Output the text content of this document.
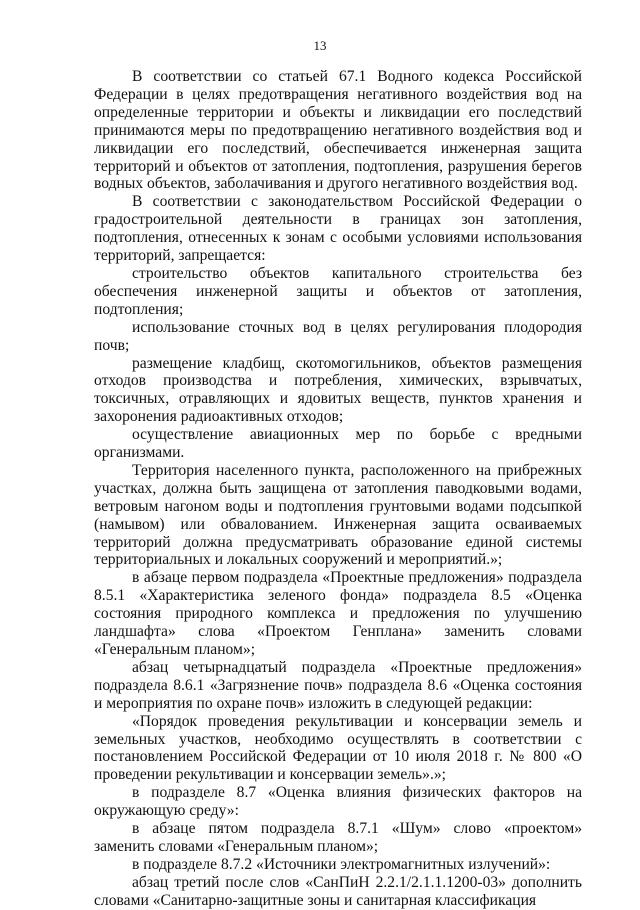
13

В соответствии со статьей 67.1 Водного кодекса Российской Федерации в целях предотвращения негативного воздействия вод на определенные территории и объекты и ликвидации его последствий принимаются меры по предотвращению негативного воздействия вод и ликвидации его последствий, обеспечивается инженерная защита территорий и объектов от затопления, подтопления, разрушения берегов водных объектов, заболачивания и другого негативного воздействия вод.

В соответствии с законодательством Российской Федерации о градостроительной деятельности в границах зон затопления, подтопления, отнесенных к зонам с особыми условиями использования территорий, запрещается:

строительство объектов капитального строительства без обеспечения инженерной защиты и объектов от затопления, подтопления;

использование сточных вод в целях регулирования плодородия почв;

размещение кладбищ, скотомогильников, объектов размещения отходов производства и потребления, химических, взрывчатых, токсичных, отравляющих и ядовитых веществ, пунктов хранения и захоронения радиоактивных отходов;

осуществление авиационных мер по борьбе с вредными организмами.

Территория населенного пункта, расположенного на прибрежных участках, должна быть защищена от затопления паводковыми водами, ветровым нагоном воды и подтопления грунтовыми водами подсыпкой (намывом) или обвалованием. Инженерная защита осваиваемых территорий должна предусматривать образование единой системы территориальных и локальных сооружений и мероприятий.»;

в абзаце первом подраздела «Проектные предложения» подраздела 8.5.1 «Характеристика зеленого фонда» подраздела 8.5 «Оценка состояния природного комплекса и предложения по улучшению ландшафта» слова «Проектом Генплана» заменить словами «Генеральным планом»;

абзац четырнадцатый подраздела «Проектные предложения» подраздела 8.6.1 «Загрязнение почв» подраздела 8.6 «Оценка состояния и мероприятия по охране почв» изложить в следующей редакции:

«Порядок проведения рекультивации и консервации земель и земельных участков, необходимо осуществлять в соответствии с постановлением Российской Федерации от 10 июля 2018 г. № 800 «О проведении рекультивации и консервации земель».»;

в подразделе 8.7 «Оценка влияния физических факторов на окружающую среду»:

в абзаце пятом подраздела 8.7.1 «Шум» слово «проектом» заменить словами «Генеральным планом»;

в подразделе 8.7.2 «Источники электромагнитных излучений»:

абзац третий после слов «СанПиН 2.2.1/2.1.1.1200-03» дополнить словами «Санитарно-защитные зоны и санитарная классификация
